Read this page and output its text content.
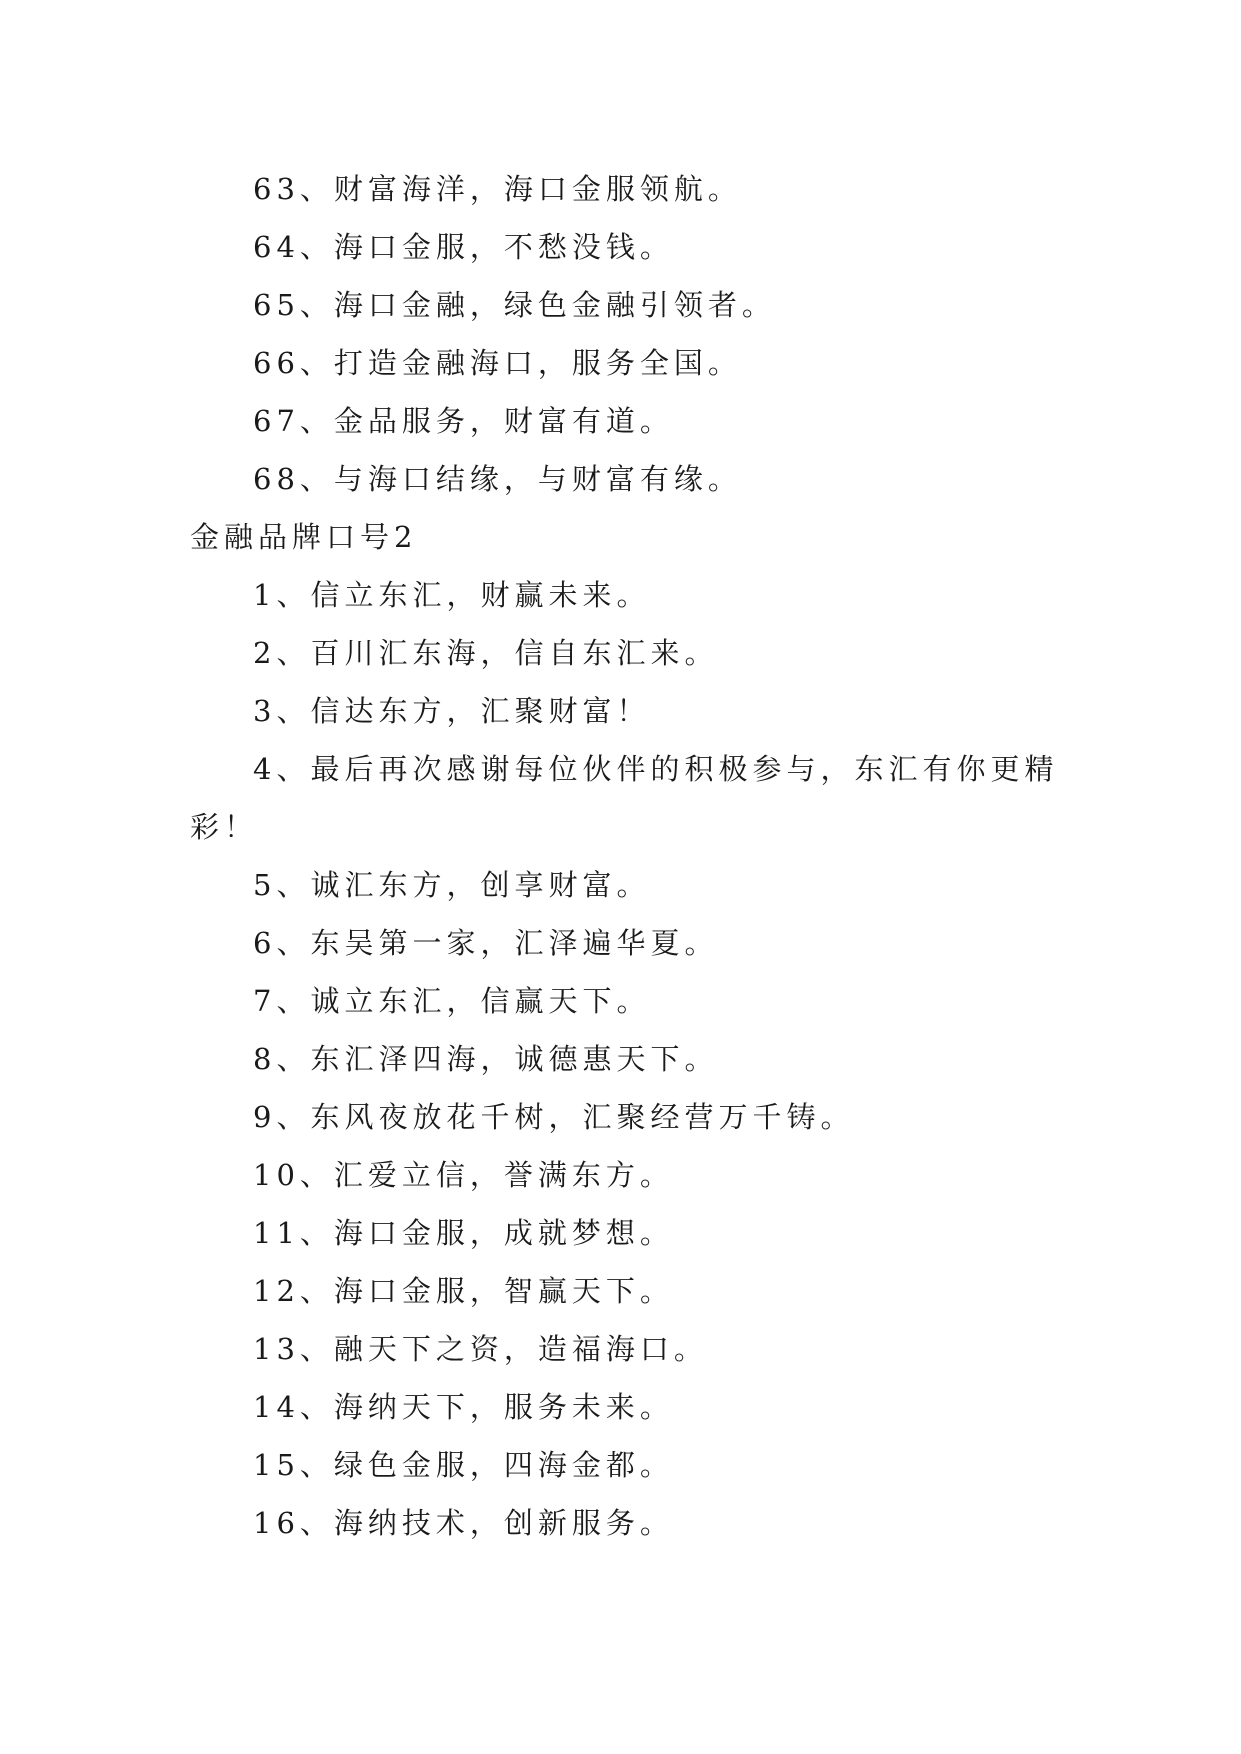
63、财富海洋，海口金服领航。
64、海口金服，不愁没钱。
65、海口金融，绿色金融引领者。
66、打造金融海口，服务全国。
67、金品服务，财富有道。
68、与海口结缘，与财富有缘。
金融品牌口号2
1、信立东汇，财赢未来。
2、百川汇东海，信自东汇来。
3、信达东方，汇聚财富！
4、最后再次感谢每位伙伴的积极参与，东汇有你更精彩！
5、诚汇东方，创享财富。
6、东吴第一家，汇泽遍华夏。
7、诚立东汇，信赢天下。
8、东汇泽四海，诚德惠天下。
9、东风夜放花千树，汇聚经营万千铸。
10、汇爱立信，誉满东方。
11、海口金服，成就梦想。
12、海口金服，智赢天下。
13、融天下之资，造福海口。
14、海纳天下，服务未来。
15、绿色金服，四海金都。
16、海纳技术，创新服务。
